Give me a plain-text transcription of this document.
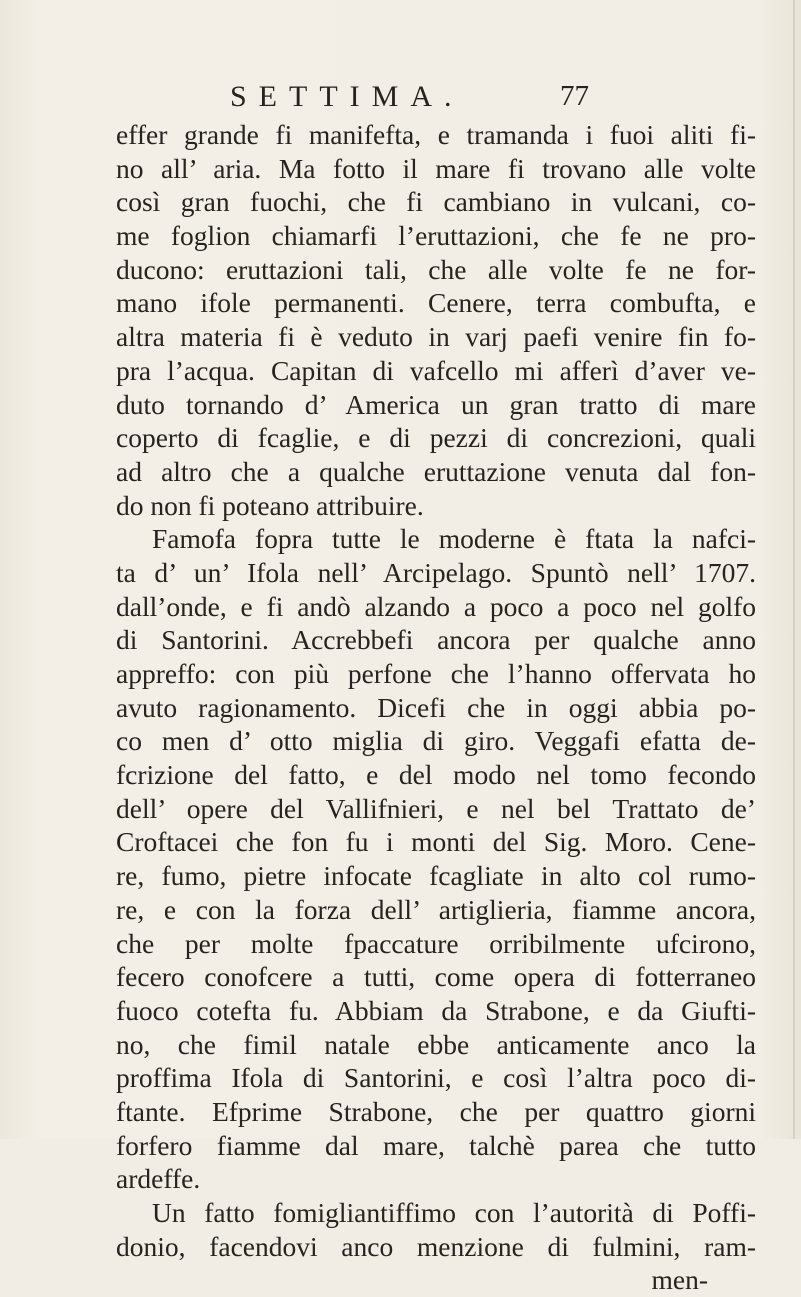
SETTIMA.	77
effer grande fi manifefta, e tramanda i fuoi aliti fi-
no all’ aria. Ma fotto il mare fi trovano alle volte
così gran fuochi, che fi cambiano in vulcani, co-
me foglion chiamarfi l’eruttazioni, che fe ne pro-
ducono: eruttazioni tali, che alle volte fe ne for-
mano ifole permanenti. Cenere, terra combufta, e
altra materia fi è veduto in varj paefi venire fin fo-
pra l’acqua. Capitan di vafcello mi afferì d’aver ve-
duto tornando d’ America un gran tratto di mare
coperto di fcaglie, e di pezzi di concrezioni, quali
ad altro che a qualche eruttazione venuta dal fon-
do non fi poteano attribuire.
Famofa fopra tutte le moderne è ftata la nafci-
ta d’ un’ Ifola nell’ Arcipelago. Spuntò nell’ 1707.
dall’onde, e fi andò alzando a poco a poco nel golfo
di Santorini. Accrebbefi ancora per qualche anno
appreffo: con più perfone che l’hanno offervata ho
avuto ragionamento. Dicefi che in oggi abbia po-
co men d’ otto miglia di giro. Veggafi efatta de-
fcrizione del fatto, e del modo nel tomo fecondo
dell’ opere del Vallifnieri, e nel bel Trattato de’
Croftacei che fon fu i monti del Sig. Moro. Cene-
re, fumo, pietre infocate fcagliate in alto col rumo-
re, e con la forza dell’ artiglieria, fiamme ancora,
che per molte fpaccature orribilmente ufcirono,
fecero conofcere a tutti, come opera di fotterraneo
fuoco cotefta fu. Abbiam da Strabone, e da Giufti-
no, che fimil natale ebbe anticamente anco la
proffima Ifola di Santorini, e così l’altra poco di-
ftante. Efprime Strabone, che per quattro giorni
forfero fiamme dal mare, talchè parea che tutto
ardeffe.
Un fatto fomigliantiffimo con l’autorità di Poffi-
donio, facendovi anco menzione di fulmini, ram-
men-
